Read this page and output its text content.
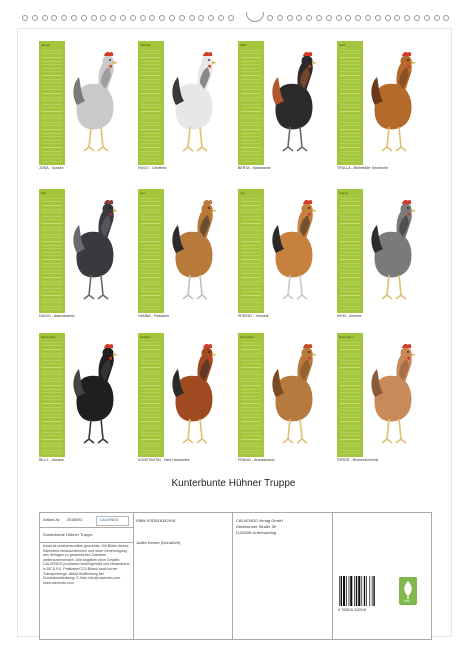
Januar
JONA - Sussex
Februar
HUGO - Ortoffmix
März
BERTA - Maranamix
April
TRULLA - Bielefelder Kennhuhn
Mai
DAGGI - Araucanamix
Juni
HANNA - Paduaner
Juli
SPEEDY - Vorwerk
August
KIKKI - Amrock
September
BILLY - Marans
Oktober
KONSTANTIN - New Hampshire
November
FRANZI - Araucanamix
Dezember
RESER - Blumenhuhnmix
Kunterbunte Hühner Truppe
Artikel-Nr. 2048292	CALVENDO
Kunterbunte Hühner Truppe
Inhalt ist urheberrechtlich geschützt. Die Bilder dieses Kalenders herauszutrennen und ohne Genehmigung des Verlages zu gewerblichen Zwecken weiterzuverwenden. Alle Angaben ohne Gewähr. CALVENDO produziert bestellgemäß und klimaneutral in DE & EU. Postkarte/CO2-Bilanz dank kurzer Transportwege. Abfall-Stoffbildung bei Druckdienstleistung. E-Mail: info@calvendo.com · www.calvendo.com
ISBN 9783516342918
Judith Kerner (DonaZett)
CALVENDO Verlag GmbH
Ottobrunner Straße 39
D-82008 Unterhaching
9 783516 342918
FSC
